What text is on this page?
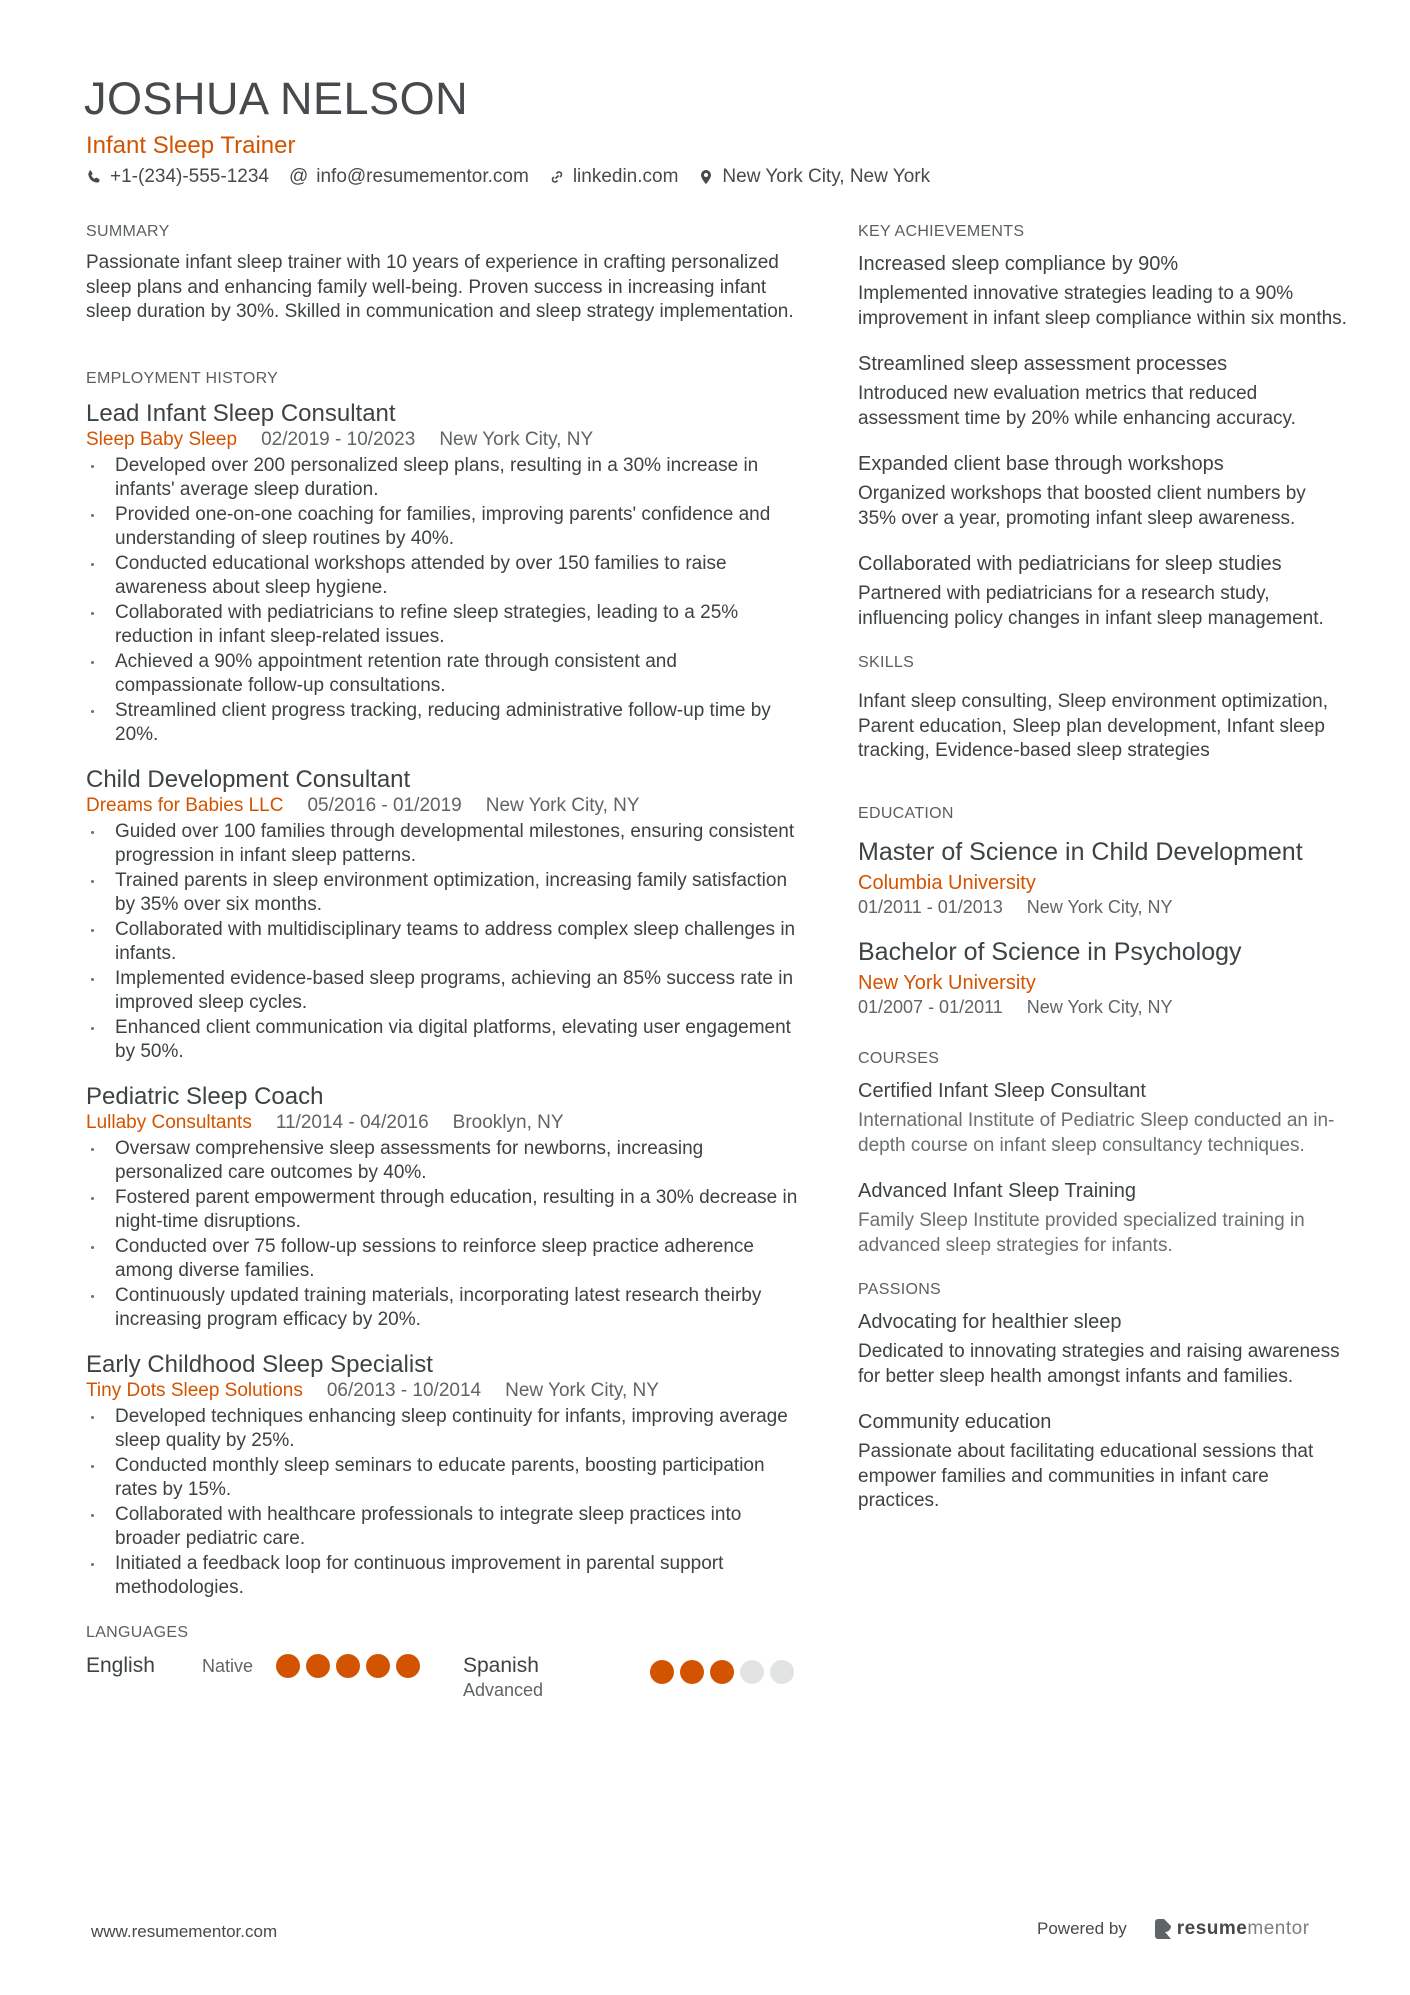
JOSHUA NELSON
Infant Sleep Trainer
+1-(234)-555-1234 @ info@resumementor.com linkedin.com New York City, New York
SUMMARY

Passionate infant sleep trainer with 10 years of experience in crafting personalized sleep plans and enhancing family well-being. Proven success in increasing infant sleep duration by 30%. Skilled in communication and sleep strategy implementation.

EMPLOYMENT HISTORY
Lead Infant Sleep Consultant
Sleep Baby Sleep 02/2019 - 10/2023 New York City, NY
Developed over 200 personalized sleep plans, resulting in a 30% increase in infants' average sleep duration.
Provided one-on-one coaching for families, improving parents' confidence and understanding of sleep routines by 40%.
Conducted educational workshops attended by over 150 families to raise awareness about sleep hygiene.
Collaborated with pediatricians to refine sleep strategies, leading to a 25% reduction in infant sleep-related issues.
Achieved a 90% appointment retention rate through consistent and compassionate follow-up consultations.
Streamlined client progress tracking, reducing administrative follow-up time by 20%.
Child Development Consultant
Dreams for Babies LLC 05/2016 - 01/2019 New York City, NY
Guided over 100 families through developmental milestones, ensuring consistent progression in infant sleep patterns.
Trained parents in sleep environment optimization, increasing family satisfaction by 35% over six months.
Collaborated with multidisciplinary teams to address complex sleep challenges in infants.
Implemented evidence-based sleep programs, achieving an 85% success rate in improved sleep cycles.
Enhanced client communication via digital platforms, elevating user engagement by 50%.
Pediatric Sleep Coach
Lullaby Consultants 11/2014 - 04/2016 Brooklyn, NY
Oversaw comprehensive sleep assessments for newborns, increasing personalized care outcomes by 40%.
Fostered parent empowerment through education, resulting in a 30% decrease in night-time disruptions.
Conducted over 75 follow-up sessions to reinforce sleep practice adherence among diverse families.
Continuously updated training materials, incorporating latest research theirby increasing program efficacy by 20%.
Early Childhood Sleep Specialist
Tiny Dots Sleep Solutions 06/2013 - 10/2014 New York City, NY
Developed techniques enhancing sleep continuity for infants, improving average sleep quality by 25%.
Conducted monthly sleep seminars to educate parents, boosting participation rates by 15%.
Collaborated with healthcare professionals to integrate sleep practices into broader pediatric care.
Initiated a feedback loop for continuous improvement in parental support methodologies.
LANGUAGES
English	Native	Spanish
Advanced
KEY ACHIEVEMENTS
Increased sleep compliance by 90%
Implemented innovative strategies leading to a 90% improvement in infant sleep compliance within six months.
Streamlined sleep assessment processes
Introduced new evaluation metrics that reduced assessment time by 20% while enhancing accuracy.
Expanded client base through workshops
Organized workshops that boosted client numbers by 35% over a year, promoting infant sleep awareness.
Collaborated with pediatricians for sleep studies
Partnered with pediatricians for a research study, influencing policy changes in infant sleep management.
SKILLS

Infant sleep consulting, Sleep environment optimization, Parent education, Sleep plan development, Infant sleep tracking, Evidence-based sleep strategies

EDUCATION
Master of Science in Child Development
Columbia University
01/2011 - 01/2013 New York City, NY
Bachelor of Science in Psychology
New York University
01/2007 - 01/2011 New York City, NY
COURSES
Certified Infant Sleep Consultant
International Institute of Pediatric Sleep conducted an in-depth course on infant sleep consultancy techniques.
Advanced Infant Sleep Training
Family Sleep Institute provided specialized training in advanced sleep strategies for infants.
PASSIONS
Advocating for healthier sleep
Dedicated to innovating strategies and raising awareness for better sleep health amongst infants and families.
Community education
Passionate about facilitating educational sessions that empower families and communities in infant care practices.
www.resumementor.com	Powered by	resumementor
